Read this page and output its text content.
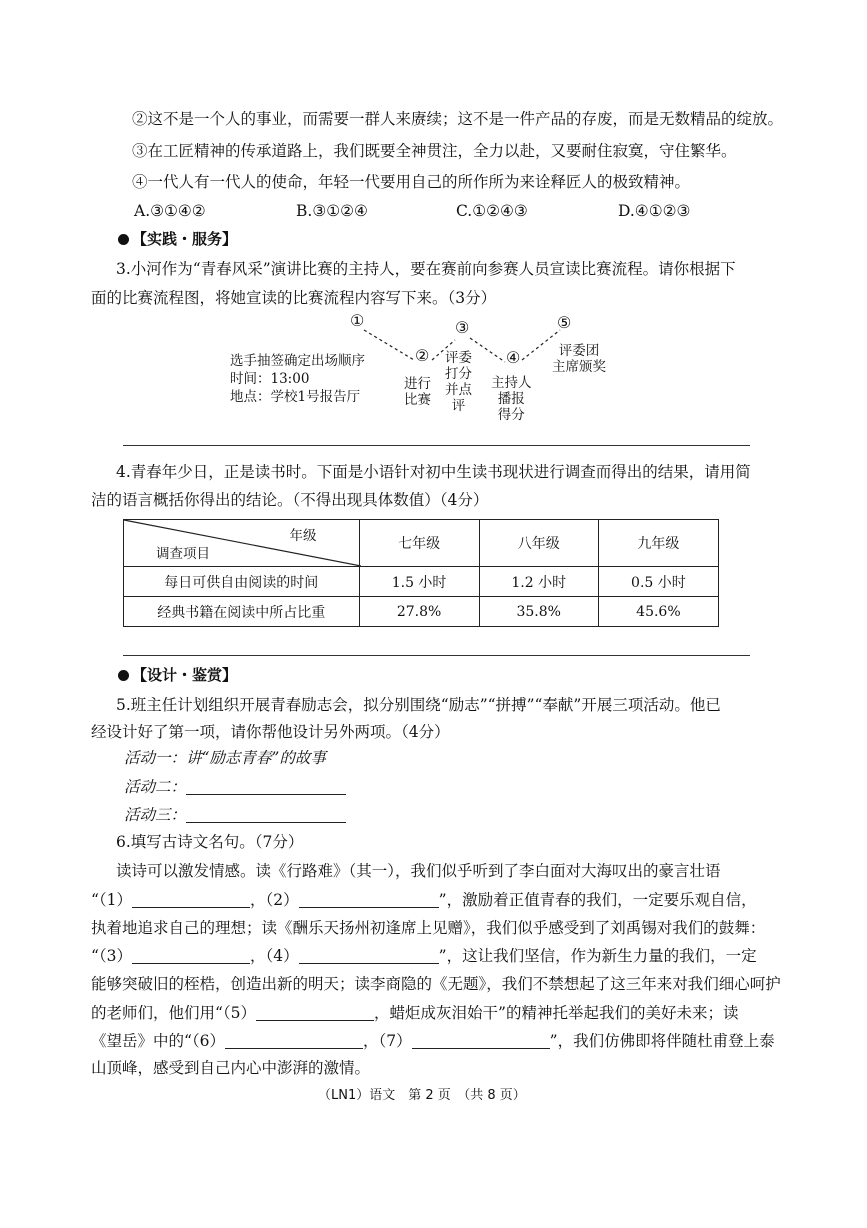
②这不是一个人的事业，而需要一群人来赓续；这不是一件产品的存废，而是无数精品的绽放。
③在工匠精神的传承道路上，我们既要全神贯注，全力以赴，又要耐住寂寞，守住繁华。
④一代人有一代人的使命，年轻一代要用自己的所作所为来诠释匠人的极致精神。
A.③①④②	B.③①②④	C.①②④③	D.④①②③
【实践・服务】
3.小河作为“青春风采”演讲比赛的主持人，要在赛前向参赛人员宣读比赛流程。请你根据下
面的比赛流程图，将她宣读的比赛流程内容写下来。（3分）
①
②
③
④
⑤
选手抽签确定出场顺序
时间：13:00
地点：学校1号报告厅
进行
比赛
评委
打分
并点
评
主持人
播报
得分
评委团
主席颁奖
4.青春年少日，正是读书时。下面是小语针对初中生读书现状进行调查而得出的结果，请用简
洁的语言概括你得出的结论。（不得出现具体数值）（4分）
年级
调查项目	七年级	八年级	九年级
每日可供自由阅读的时间	1.5 小时	1.2 小时	0.5 小时
经典书籍在阅读中所占比重	27.8%	35.8%	45.6%
【设计・鉴赏】
5.班主任计划组织开展青春励志会，拟分别围绕“励志”“拼搏”“奉献”开展三项活动。他已
经设计好了第一项，请你帮他设计另外两项。（4分）
活动一：讲“励志青春”的故事
活动二：
活动三：
6.填写古诗文名句。（7分）
读诗可以激发情感。读《行路难》（其一），我们似乎听到了李白面对大海叹出的豪言壮语
“（1）	，（2）	”，激励着正值青春的我们，一定要乐观自信，
执着地追求自己的理想；读《酬乐天扬州初逢席上见赠》，我们似乎感受到了刘禹锡对我们的鼓舞：
“（3）	，（4）	”，这让我们坚信，作为新生力量的我们，一定
能够突破旧的桎梏，创造出新的明天；读李商隐的《无题》，我们不禁想起了这三年来对我们细心呵护
的老师们，他们用“（5）	，蜡炬成灰泪始干”的精神托举起我们的美好未来；读
《望岳》中的“（6）	，（7）	”，我们仿佛即将伴随杜甫登上泰
山顶峰，感受到自己内心中澎湃的激情。
（LN1）语文　第 2 页　（共 8 页）
